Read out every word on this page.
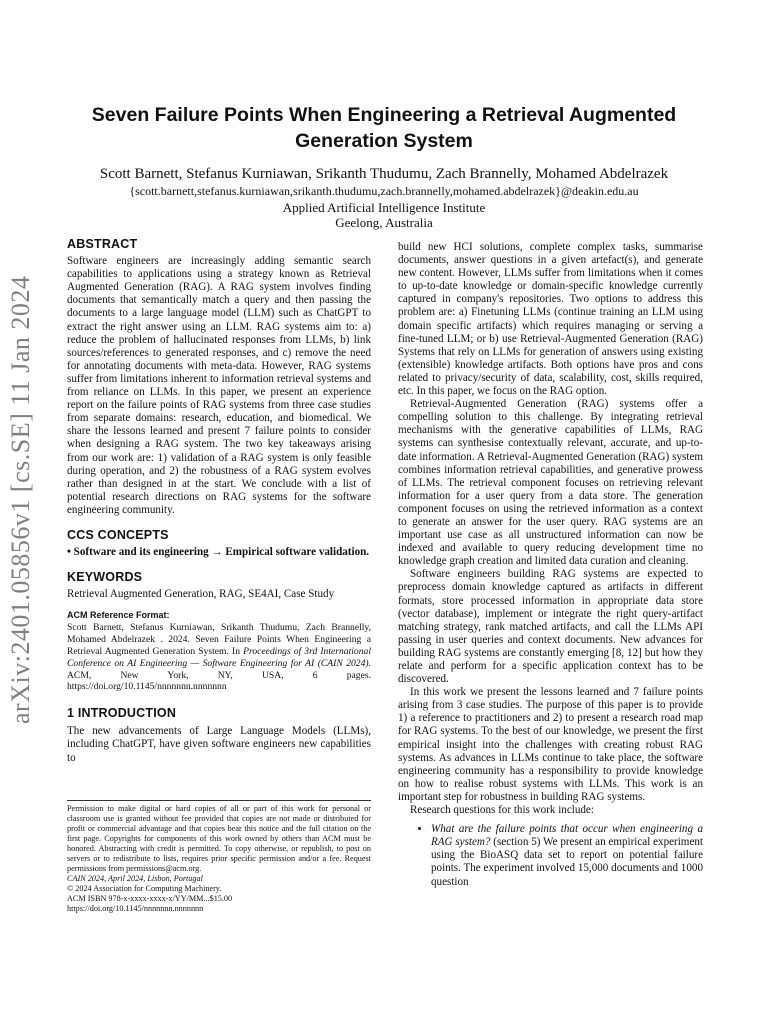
arXiv:2401.05856v1 [cs.SE] 11 Jan 2024
Seven Failure Points When Engineering a Retrieval Augmented Generation System
Scott Barnett, Stefanus Kurniawan, Srikanth Thudumu, Zach Brannelly, Mohamed Abdelrazek
{scott.barnett,stefanus.kurniawan,srikanth.thudumu,zach.brannelly,mohamed.abdelrazek}@deakin.edu.au
Applied Artificial Intelligence Institute
Geelong, Australia
ABSTRACT

Software engineers are increasingly adding semantic search capabilities to applications using a strategy known as Retrieval Augmented Generation (RAG). A RAG system involves finding documents that semantically match a query and then passing the documents to a large language model (LLM) such as ChatGPT to extract the right answer using an LLM. RAG systems aim to: a) reduce the problem of hallucinated responses from LLMs, b) link sources/references to generated responses, and c) remove the need for annotating documents with meta-data. However, RAG systems suffer from limitations inherent to information retrieval systems and from reliance on LLMs. In this paper, we present an experience report on the failure points of RAG systems from three case studies from separate domains: research, education, and biomedical. We share the lessons learned and present 7 failure points to consider when designing a RAG system. The two key takeaways arising from our work are: 1) validation of a RAG system is only feasible during operation, and 2) the robustness of a RAG system evolves rather than designed in at the start. We conclude with a list of potential research directions on RAG systems for the software engineering community.

CCS CONCEPTS

• Software and its engineering → Empirical software validation.

KEYWORDS

Retrieval Augmented Generation, RAG, SE4AI, Case Study

ACM Reference Format:

Scott Barnett, Stefanus Kurniawan, Srikanth Thudumu, Zach Brannelly, Mohamed Abdelrazek . 2024. Seven Failure Points When Engineering a Retrieval Augmented Generation System. In Proceedings of 3rd International Conference on AI Engineering — Software Engineering for AI (CAIN 2024). ACM, New York, NY, USA, 6 pages. https://doi.org/10.1145/nnnnnnn.nnnnnnn

1 INTRODUCTION

The new advancements of Large Language Models (LLMs), including ChatGPT, have given software engineers new capabilities to

Permission to make digital or hard copies of all or part of this work for personal or classroom use is granted without fee provided that copies are not made or distributed for profit or commercial advantage and that copies bear this notice and the full citation on the first page. Copyrights for components of this work owned by others than ACM must be honored. Abstracting with credit is permitted. To copy otherwise, or republish, to post on servers or to redistribute to lists, requires prior specific permission and/or a fee. Request permissions from permissions@acm.org.

CAIN 2024, April 2024, Lisbon, Portugal

© 2024 Association for Computing Machinery.

ACM ISBN 978-x-xxxx-xxxx-x/YY/MM...$15.00

https://doi.org/10.1145/nnnnnnn.nnnnnnn

build new HCI solutions, complete complex tasks, summarise documents, answer questions in a given artefact(s), and generate new content. However, LLMs suffer from limitations when it comes to up-to-date knowledge or domain-specific knowledge currently captured in company's repositories. Two options to address this problem are: a) Finetuning LLMs (continue training an LLM using domain specific artifacts) which requires managing or serving a fine-tuned LLM; or b) use Retrieval-Augmented Generation (RAG) Systems that rely on LLMs for generation of answers using existing (extensible) knowledge artifacts. Both options have pros and cons related to privacy/security of data, scalability, cost, skills required, etc. In this paper, we focus on the RAG option.

Retrieval-Augmented Generation (RAG) systems offer a compelling solution to this challenge. By integrating retrieval mechanisms with the generative capabilities of LLMs, RAG systems can synthesise contextually relevant, accurate, and up-to-date information. A Retrieval-Augmented Generation (RAG) system combines information retrieval capabilities, and generative prowess of LLMs. The retrieval component focuses on retrieving relevant information for a user query from a data store. The generation component focuses on using the retrieved information as a context to generate an answer for the user query. RAG systems are an important use case as all unstructured information can now be indexed and available to query reducing development time no knowledge graph creation and limited data curation and cleaning.

Software engineers building RAG systems are expected to preprocess domain knowledge captured as artifacts in different formats, store processed information in appropriate data store (vector database), implement or integrate the right query-artifact matching strategy, rank matched artifacts, and call the LLMs API passing in user queries and context documents. New advances for building RAG systems are constantly emerging [8, 12] but how they relate and perform for a specific application context has to be discovered.

In this work we present the lessons learned and 7 failure points arising from 3 case studies. The purpose of this paper is to provide 1) a reference to practitioners and 2) to present a research road map for RAG systems. To the best of our knowledge, we present the first empirical insight into the challenges with creating robust RAG systems. As advances in LLMs continue to take place, the software engineering community has a responsibility to provide knowledge on how to realise robust systems with LLMs. This work is an important step for robustness in building RAG systems.

Research questions for this work include:

• What are the failure points that occur when engineering a RAG system? (section 5) We present an empirical experiment using the BioASQ data set to report on potential failure points. The experiment involved 15,000 documents and 1000 question
